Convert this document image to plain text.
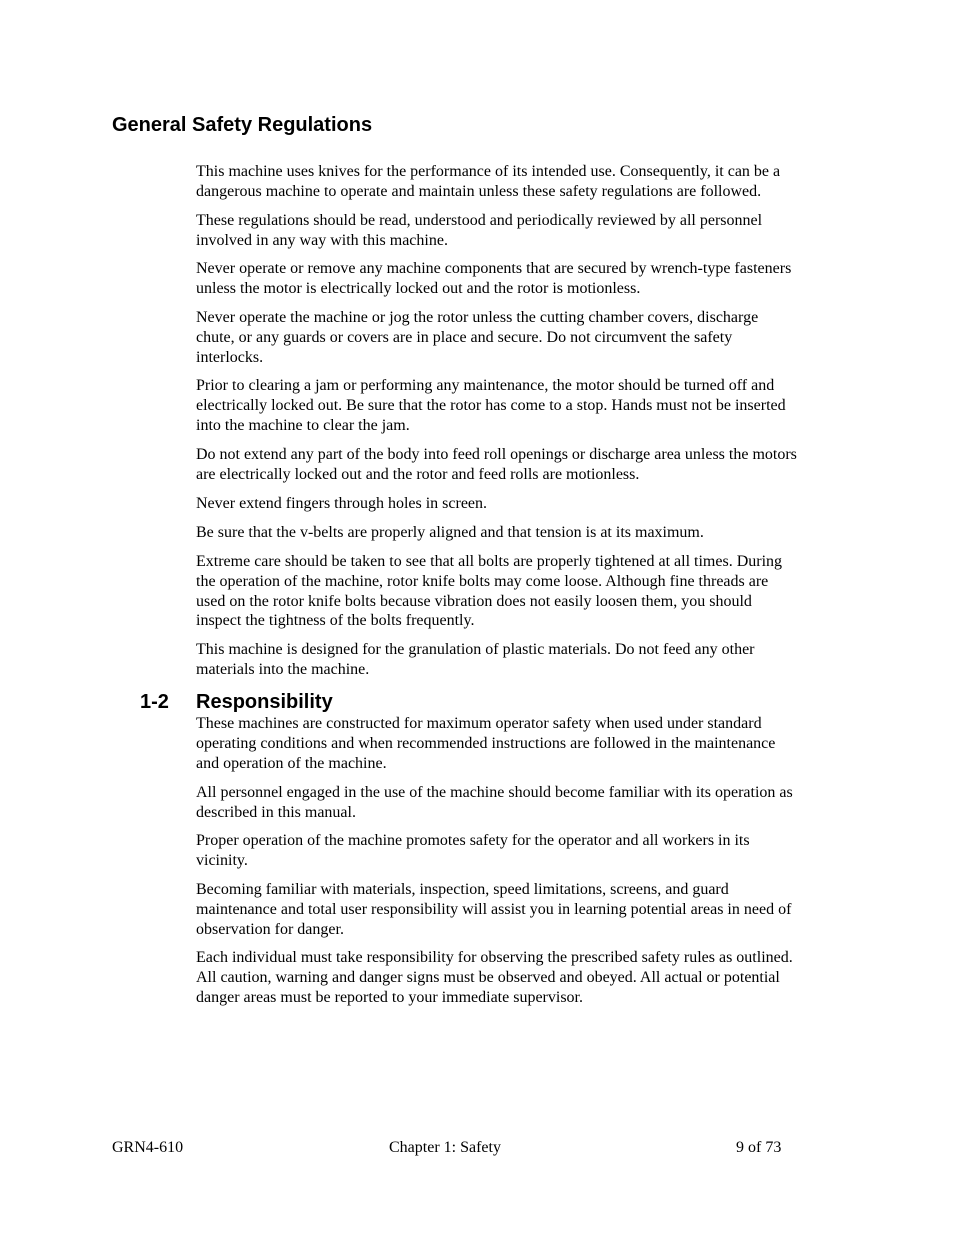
General Safety Regulations

This machine uses knives for the performance of its intended use. Consequently, it can be a
dangerous machine to operate and maintain unless these safety regulations are followed.

These regulations should be read, understood and periodically reviewed by all personnel
involved in any way with this machine.

Never operate or remove any machine components that are secured by wrench-type fasteners
unless the motor is electrically locked out and the rotor is motionless.

Never operate the machine or jog the rotor unless the cutting chamber covers, discharge
chute, or any guards or covers are in place and secure. Do not circumvent the safety
interlocks.

Prior to clearing a jam or performing any maintenance, the motor should be turned off and
electrically locked out. Be sure that the rotor has come to a stop. Hands must not be inserted
into the machine to clear the jam.

Do not extend any part of the body into feed roll openings or discharge area unless the motors
are electrically locked out and the rotor and feed rolls are motionless.

Never extend fingers through holes in screen.

Be sure that the v-belts are properly aligned and that tension is at its maximum.

Extreme care should be taken to see that all bolts are properly tightened at all times. During
the operation of the machine, rotor knife bolts may come loose. Although fine threads are
used on the rotor knife bolts because vibration does not easily loosen them, you should
inspect the tightness of the bolts frequently.

This machine is designed for the granulation of plastic materials. Do not feed any other
materials into the machine.

1-2 Responsibility

These machines are constructed for maximum operator safety when used under standard
operating conditions and when recommended instructions are followed in the maintenance
and operation of the machine.

All personnel engaged in the use of the machine should become familiar with its operation as
described in this manual.

Proper operation of the machine promotes safety for the operator and all workers in its
vicinity.

Becoming familiar with materials, inspection, speed limitations, screens, and guard
maintenance and total user responsibility will assist you in learning potential areas in need of
observation for danger.

Each individual must take responsibility for observing the prescribed safety rules as outlined.
All caution, warning and danger signs must be observed and obeyed. All actual or potential
danger areas must be reported to your immediate supervisor.

GRN4-610	Chapter 1: Safety	9 of 73
